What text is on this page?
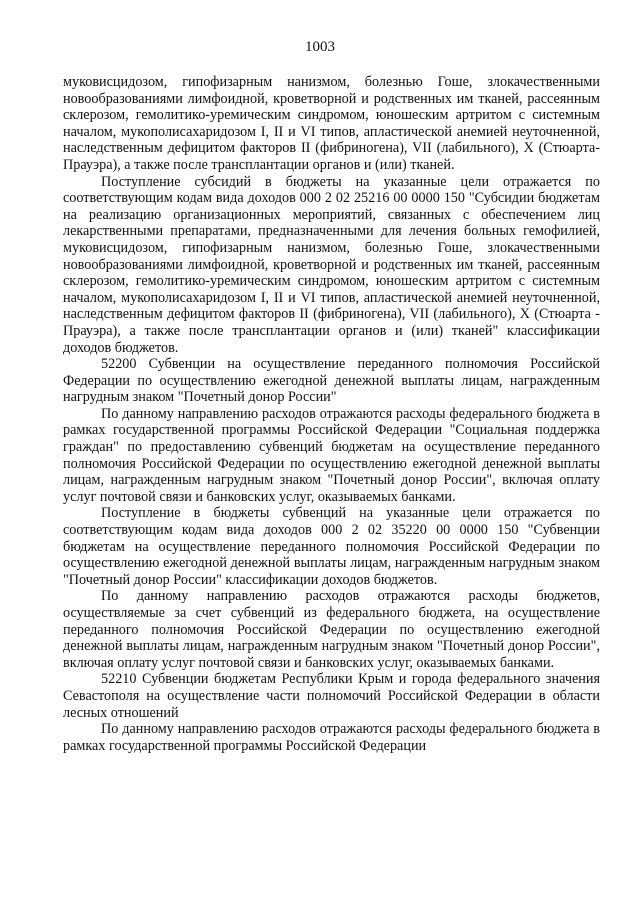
1003

муковисцидозом, гипофизарным нанизмом, болезнью Гоше, злокачественными новообразованиями лимфоидной, кроветворной и родственных им тканей, рассеянным склерозом, гемолитико-уремическим синдромом, юношеским артритом с системным началом, мукополисахаридозом I, II и VI типов, апластической анемией неуточненной, наследственным дефицитом факторов II (фибриногена), VII (лабильного), X (Стюарта-Прауэра), а также после трансплантации органов и (или) тканей.

Поступление субсидий в бюджеты на указанные цели отражается по соответствующим кодам вида доходов 000 2 02 25216 00 0000 150 "Субсидии бюджетам на реализацию организационных мероприятий, связанных с обеспечением лиц лекарственными препаратами, предназначенными для лечения больных гемофилией, муковисцидозом, гипофизарным нанизмом, болезнью Гоше, злокачественными новообразованиями лимфоидной, кроветворной и родственных им тканей, рассеянным склерозом, гемолитико-уремическим синдромом, юношеским артритом с системным началом, мукополисахаридозом I, II и VI типов, апластической анемией неуточненной, наследственным дефицитом факторов II (фибриногена), VII (лабильного), X (Стюарта - Прауэра), а также после трансплантации органов и (или) тканей" классификации доходов бюджетов.

52200 Субвенции на осуществление переданного полномочия Российской Федерации по осуществлению ежегодной денежной выплаты лицам, награжденным нагрудным знаком "Почетный донор России"

По данному направлению расходов отражаются расходы федерального бюджета в рамках государственной программы Российской Федерации "Социальная поддержка граждан" по предоставлению субвенций бюджетам на осуществление переданного полномочия Российской Федерации по осуществлению ежегодной денежной выплаты лицам, награжденным нагрудным знаком "Почетный донор России", включая оплату услуг почтовой связи и банковских услуг, оказываемых банками.

Поступление в бюджеты субвенций на указанные цели отражается по соответствующим кодам вида доходов 000 2 02 35220 00 0000 150 "Субвенции бюджетам на осуществление переданного полномочия Российской Федерации по осуществлению ежегодной денежной выплаты лицам, награжденным нагрудным знаком "Почетный донор России" классификации доходов бюджетов.

По данному направлению расходов отражаются расходы бюджетов, осуществляемые за счет субвенций из федерального бюджета, на осуществление переданного полномочия Российской Федерации по осуществлению ежегодной денежной выплаты лицам, награжденным нагрудным знаком "Почетный донор России", включая оплату услуг почтовой связи и банковских услуг, оказываемых банками.

52210 Субвенции бюджетам Республики Крым и города федерального значения Севастополя на осуществление части полномочий Российской Федерации в области лесных отношений

По данному направлению расходов отражаются расходы федерального бюджета в рамках государственной программы Российской Федерации
